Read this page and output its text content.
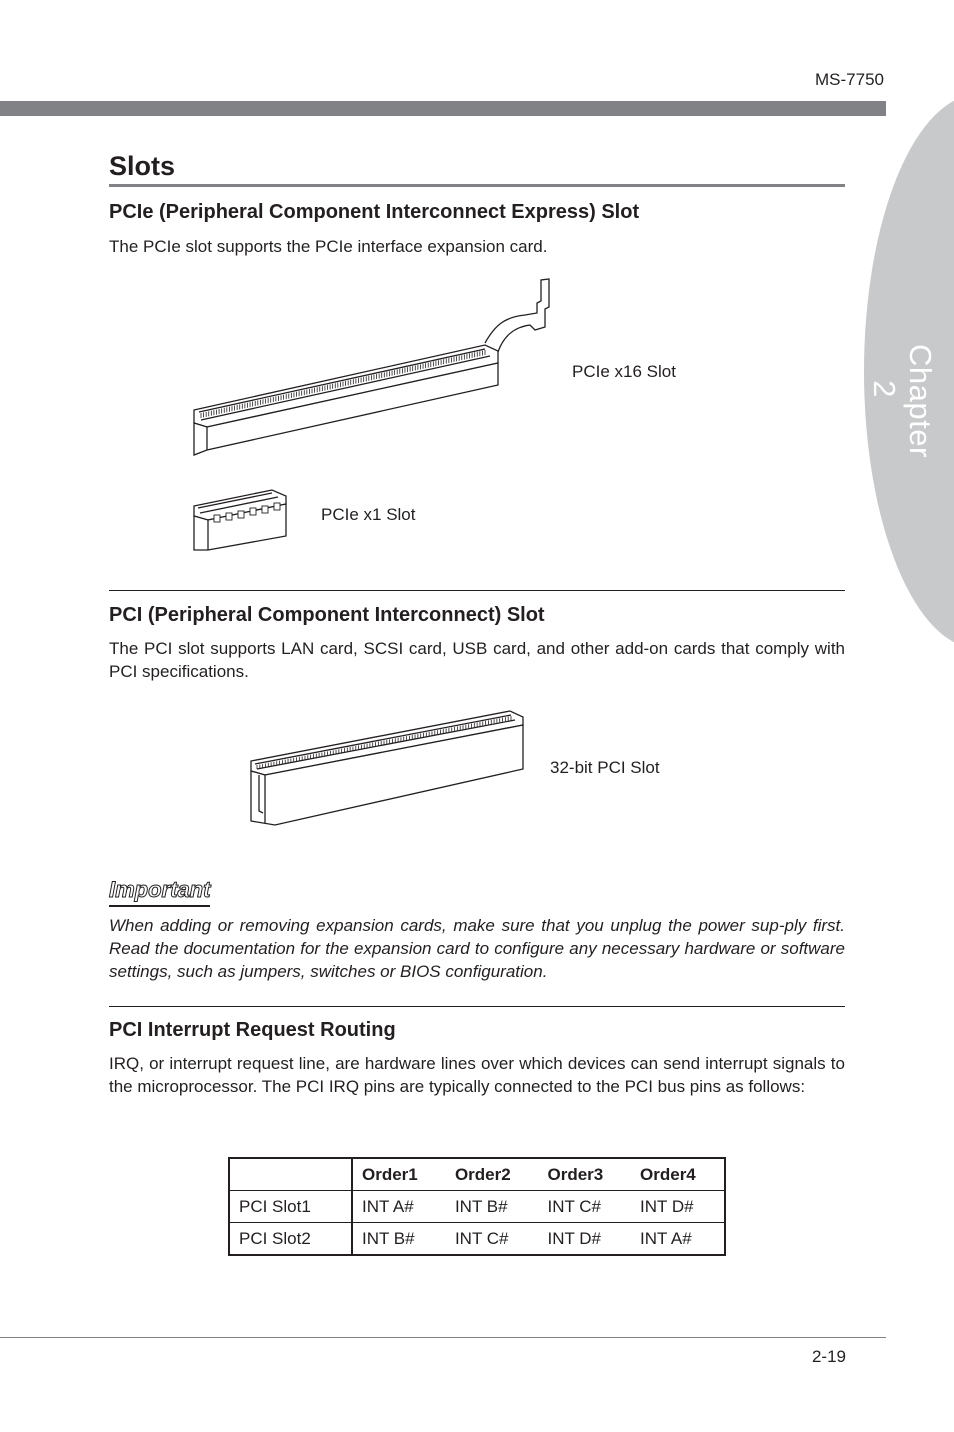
MS-7750
Chapter 2
Slots
PCIe (Peripheral Component Interconnect Express) Slot
The PCIe slot supports the PCIe interface expansion card.
PCIe x16 Slot
PCIe x1 Slot
PCI (Peripheral Component Interconnect) Slot
The PCI slot supports LAN card, SCSI card, USB card, and other add-on cards that comply with PCI specifications.
32-bit PCI Slot
Important
When adding or removing expansion cards, make sure that you unplug the power sup-ply first. Read the documentation for the expansion card to configure any necessary hardware or software settings, such as jumpers, switches or BIOS configuration.
PCI Interrupt Request Routing
IRQ, or interrupt request line, are hardware lines over which devices can send interrupt signals to the microprocessor. The PCI IRQ pins are typically connected to the PCI bus pins as follows:
	Order1	Order2	Order3	Order4
PCI Slot1	INT A#	INT B#	INT C#	INT D#
PCI Slot2	INT B#	INT C#	INT D#	INT A#
2-19
